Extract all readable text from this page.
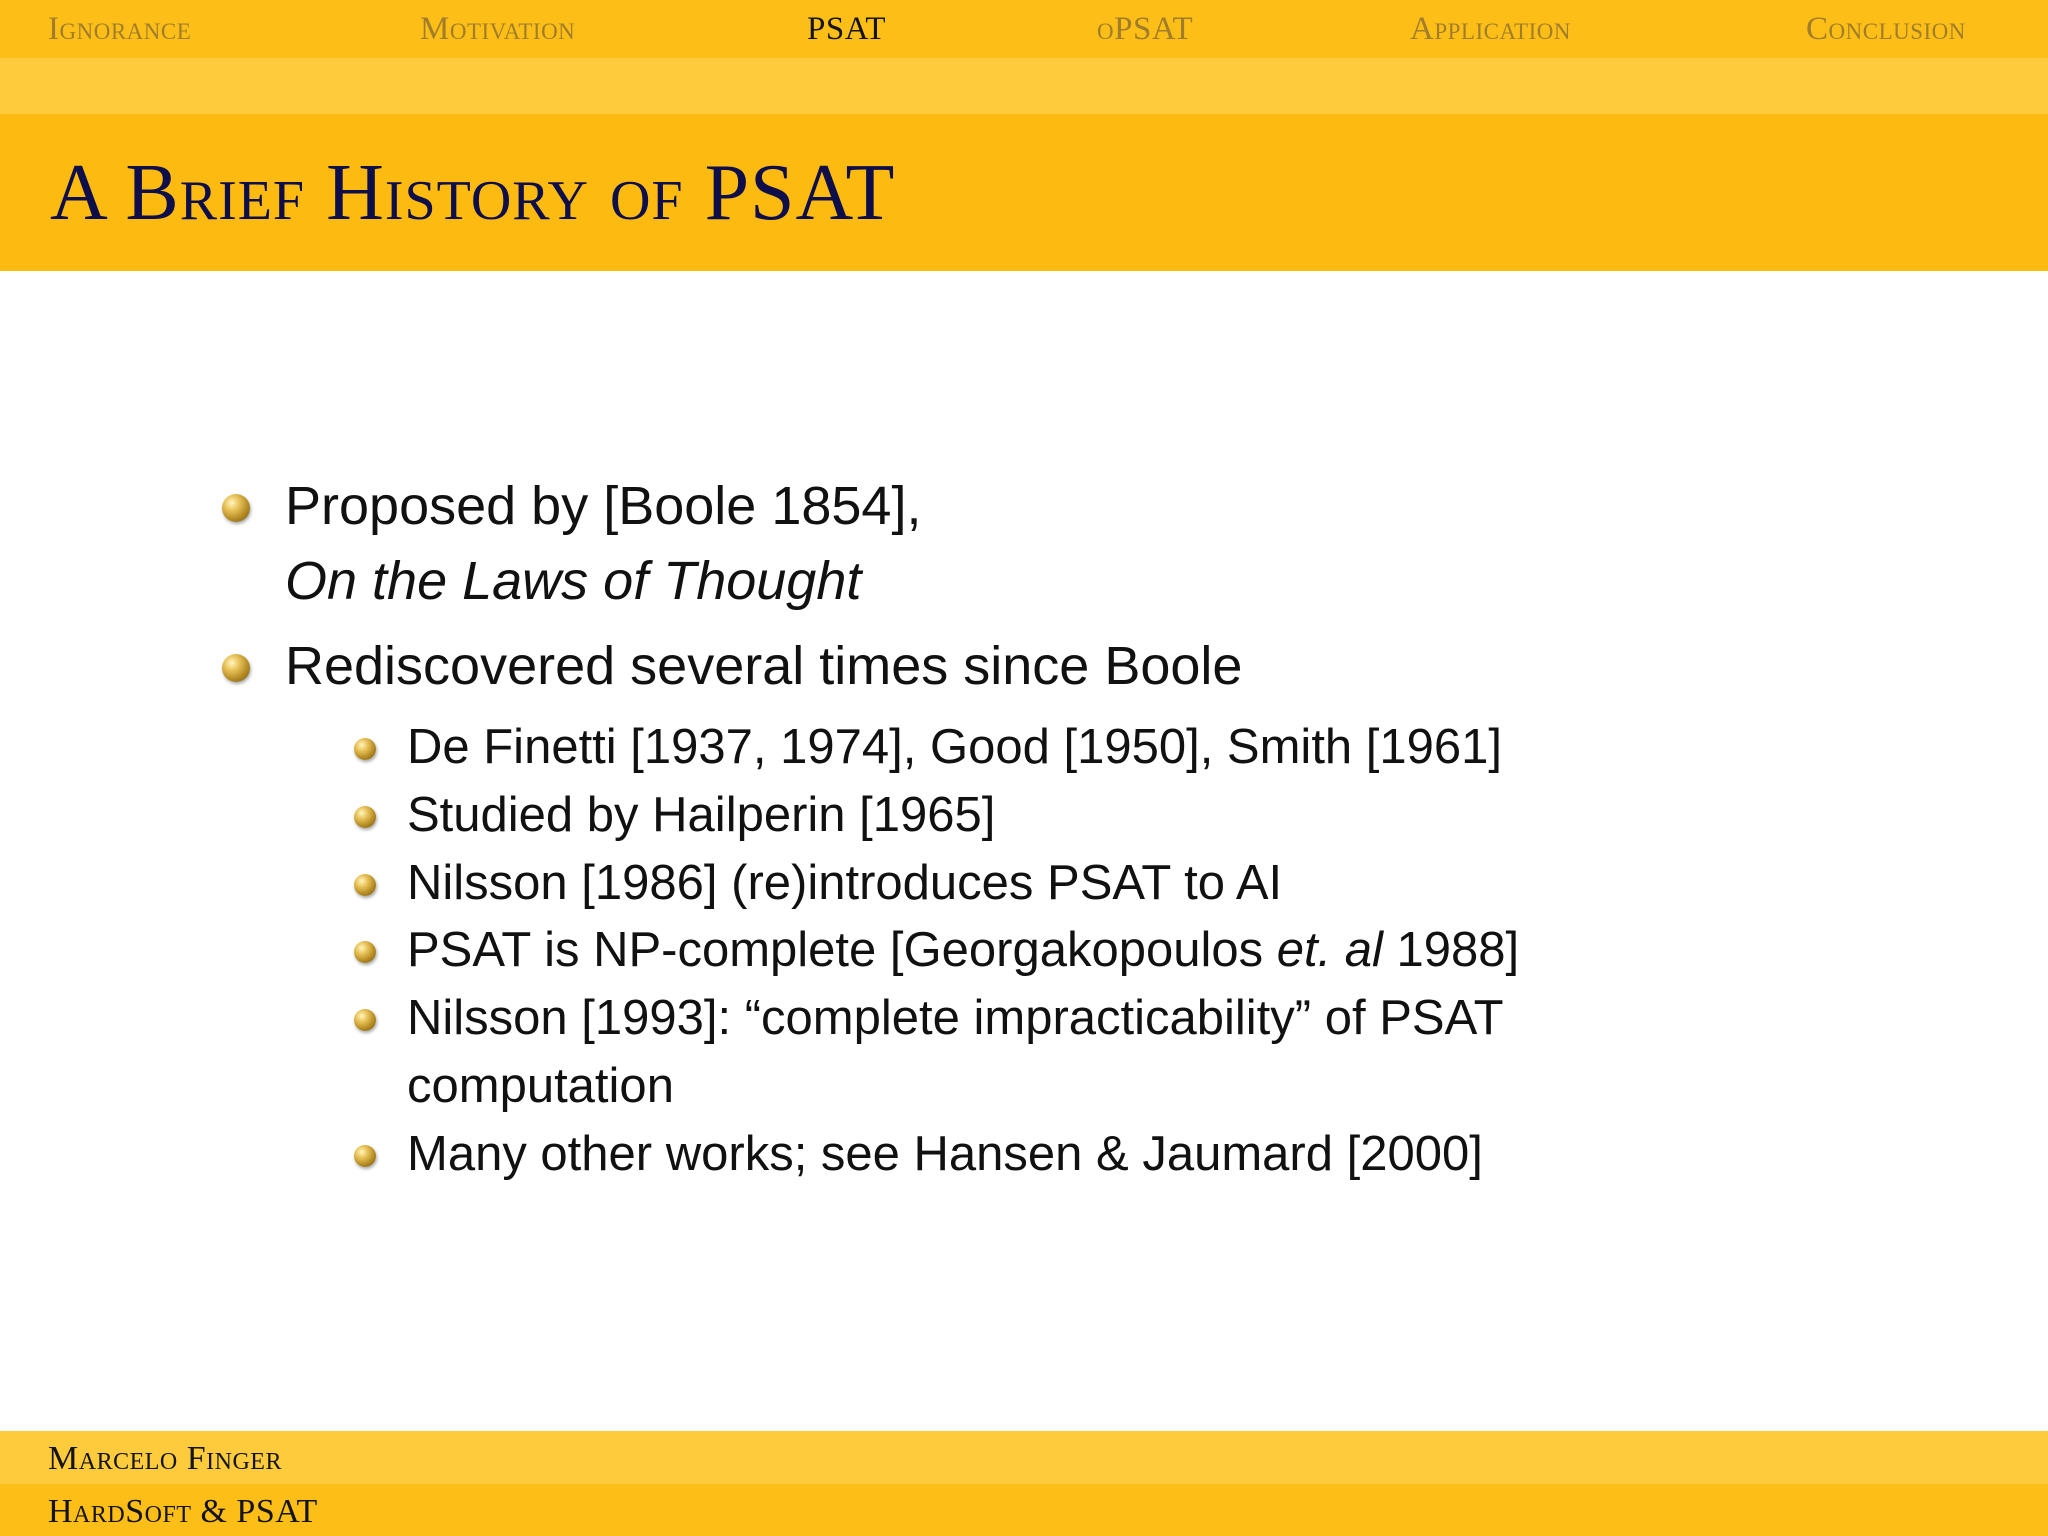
Ignorance	Motivation	PSAT	oPSAT	Application	Conclusion
A Brief History of PSAT
Proposed by [Boole 1854],
On the Laws of Thought
Rediscovered several times since Boole
De Finetti [1937, 1974], Good [1950], Smith [1961]
Studied by Hailperin [1965]
Nilsson [1986] (re)introduces PSAT to AI
PSAT is NP-complete [Georgakopoulos et. al 1988]
Nilsson [1993]: “complete impracticability” of PSAT
computation
Many other works; see Hansen & Jaumard [2000]
Marcelo Finger
HardSoft & PSAT
